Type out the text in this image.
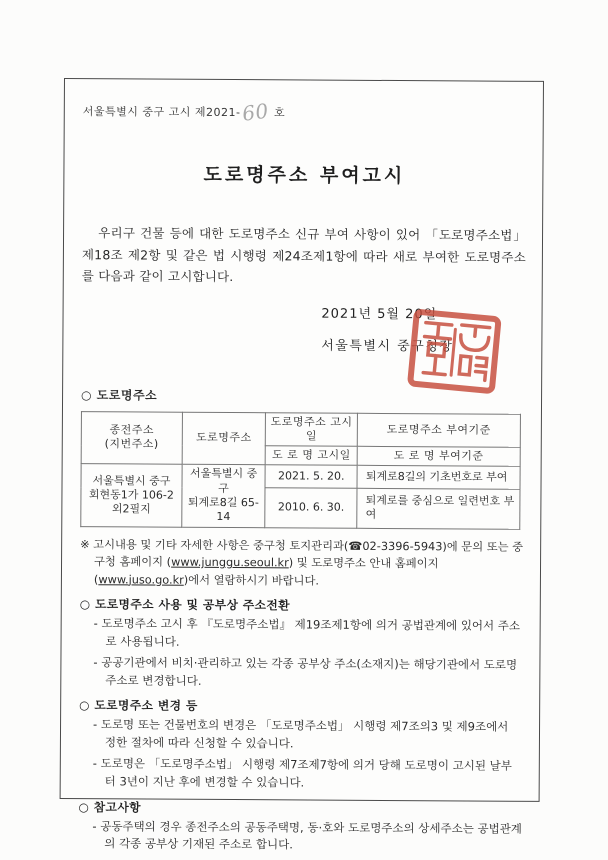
서울특별시 중구 고시 제2021-60 호
도로명주소 부여고시
우리구 건물 등에 대한 도로명주소 신규 부여 사항이 있어 「도로명주소법」 제18조 제2항 및 같은 법 시행령 제24조제1항에 따라 새로 부여한 도로명주소를 다음과 같이 고시합니다.
2021년 5월 20일
서울특별시 중구청장
○ 도로명주소
종전주소
(지번주소)	도로명주소	도로명주소 고시일	도로명주소 부여기준
		도 로 명 고시일	도 로 명 부여기준
서울특별시 중구
회현동1가 106-2
외2필지	서울특별시 중구
퇴계로8길 65-14	2021. 5. 20.	퇴계로8길의 기초번호로 부여
		2010. 6. 30.	퇴계로를 중심으로 일련번호 부여
※ 고시내용 및 기타 자세한 사항은 중구청 토지관리과(☎02-3396-5943)에 문의 또는 중구청 홈페이지 (www.junggu.seoul.kr) 및 도로명주소 안내 홈페이지(www.juso.go.kr)에서 열람하시기 바랍니다.
○ 도로명주소 사용 및 공부상 주소전환
- 도로명주소 고시 후 『도로명주소법』 제19조제1항에 의거 공법관계에 있어서 주소로 사용됩니다.
- 공공기관에서 비치·관리하고 있는 각종 공부상 주소(소재지)는 해당기관에서 도로명주소로 변경합니다.
○ 도로명주소 변경 등
- 도로명 또는 건물번호의 변경은 「도로명주소법」 시행령 제7조의3 및 제9조에서 정한 절차에 따라 신청할 수 있습니다.
- 도로명은 「도로명주소법」 시행령 제7조제7항에 의거 당해 도로명이 고시된 날부터 3년이 지난 후에 변경할 수 있습니다.
○ 참고사항
- 공동주택의 경우 종전주소의 공동주택명, 동·호와 도로명주소의 상세주소는 공법관계의 각종 공부상 기재된 주소로 합니다.
